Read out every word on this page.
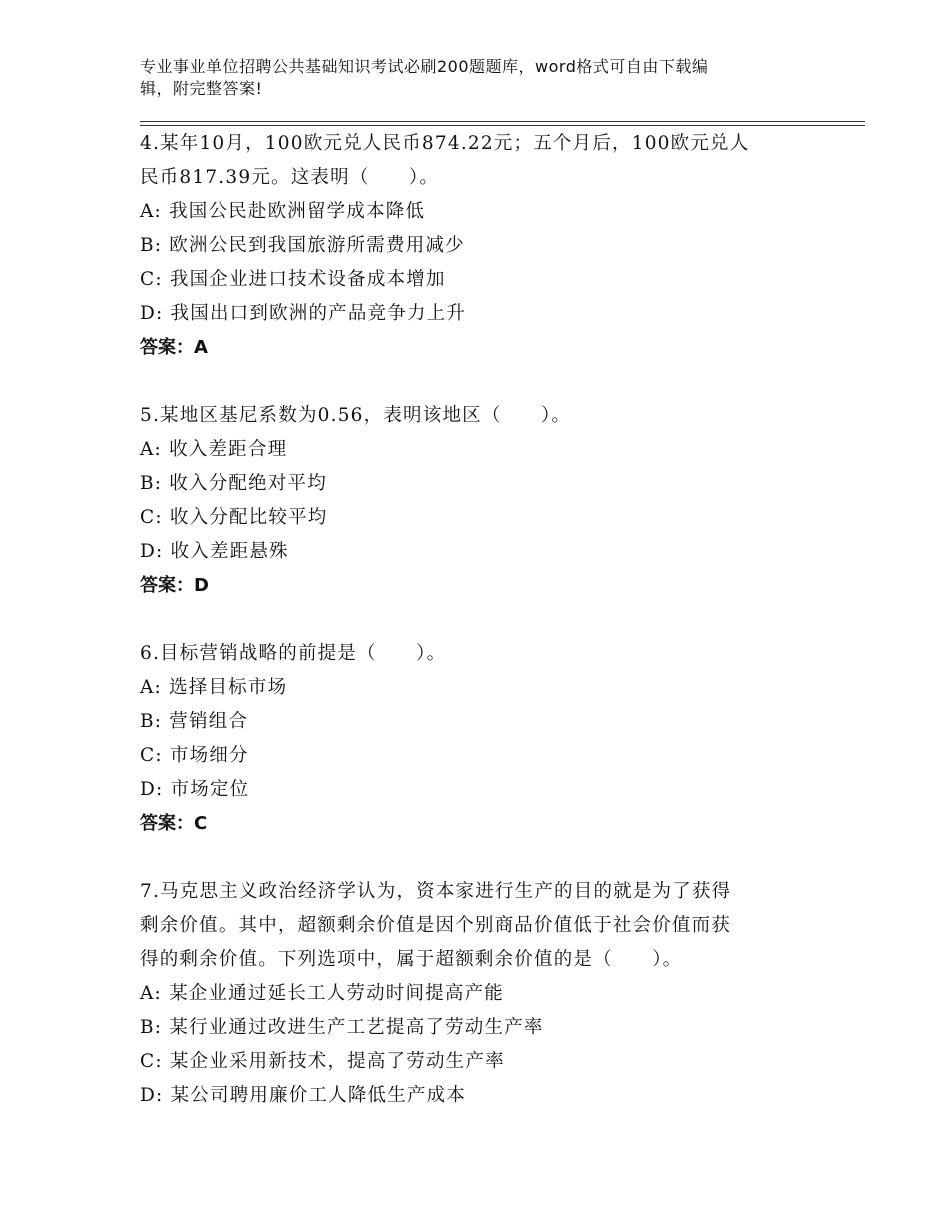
专业事业单位招聘公共基础知识考试必刷200题题库，word格式可自由下载编
辑，附完整答案!

4.某年10月，100欧元兑人民币874.22元；五个月后，100欧元兑人

民币817.39元。这表明（　　）。

A: 我国公民赴欧洲留学成本降低

B: 欧洲公民到我国旅游所需费用减少

C: 我国企业进口技术设备成本增加

D: 我国出口到欧洲的产品竞争力上升

答案：A

5.某地区基尼系数为0.56，表明该地区（　　）。

A: 收入差距合理

B: 收入分配绝对平均

C: 收入分配比较平均

D: 收入差距悬殊

答案：D

6.目标营销战略的前提是（　　）。

A: 选择目标市场

B: 营销组合

C: 市场细分

D: 市场定位

答案：C

7.马克思主义政治经济学认为，资本家进行生产的目的就是为了获得

剩余价值。其中，超额剩余价值是因个别商品价值低于社会价值而获

得的剩余价值。下列选项中，属于超额剩余价值的是（　　）。

A: 某企业通过延长工人劳动时间提高产能

B: 某行业通过改进生产工艺提高了劳动生产率

C: 某企业采用新技术，提高了劳动生产率

D: 某公司聘用廉价工人降低生产成本
